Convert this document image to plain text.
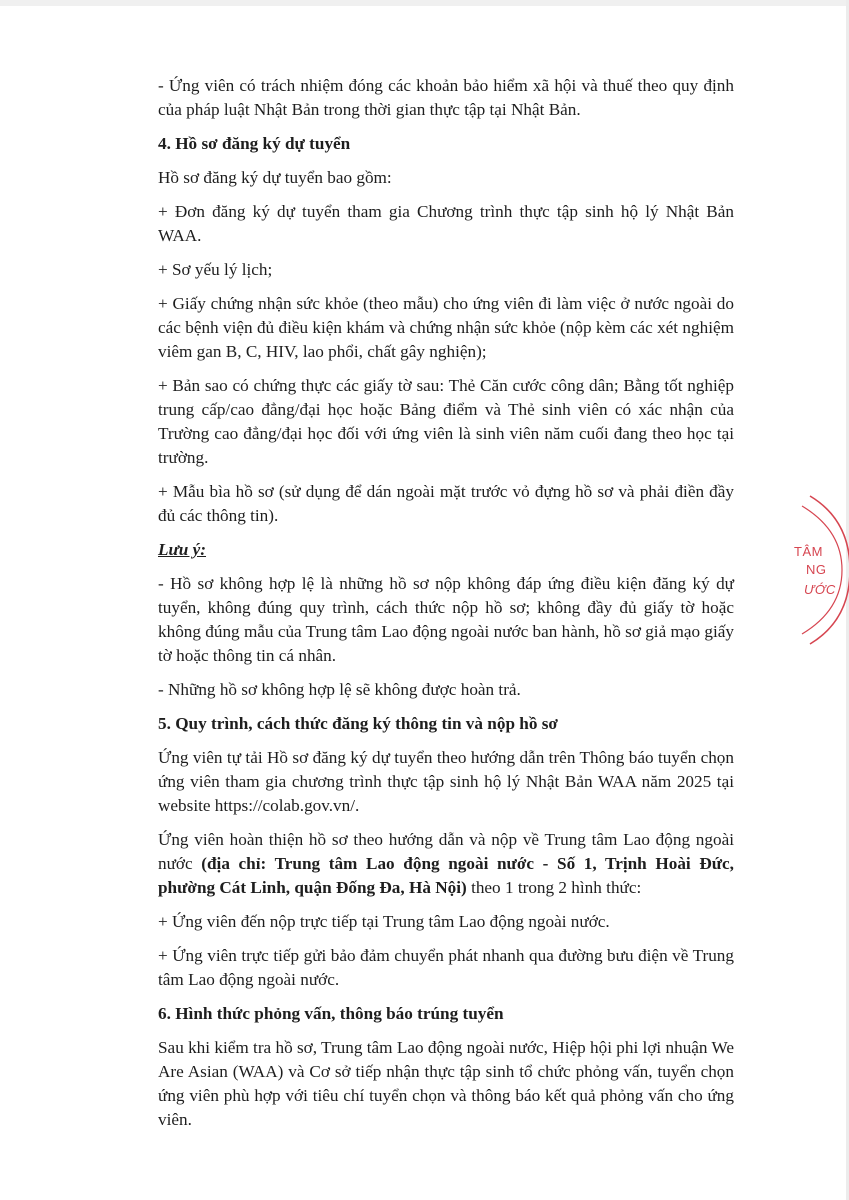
- Ứng viên có trách nhiệm đóng các khoản bảo hiểm xã hội và thuế theo quy định của pháp luật Nhật Bản trong thời gian thực tập tại Nhật Bản.

4. Hồ sơ đăng ký dự tuyển

Hồ sơ đăng ký dự tuyển bao gồm:

+ Đơn đăng ký dự tuyển tham gia Chương trình thực tập sinh hộ lý Nhật Bản WAA.

+ Sơ yếu lý lịch;

+ Giấy chứng nhận sức khỏe (theo mẫu) cho ứng viên đi làm việc ở nước ngoài do các bệnh viện đủ điều kiện khám và chứng nhận sức khỏe (nộp kèm các xét nghiệm viêm gan B, C, HIV, lao phổi, chất gây nghiện);

+ Bản sao có chứng thực các giấy tờ sau: Thẻ Căn cước công dân; Bằng tốt nghiệp trung cấp/cao đẳng/đại học hoặc Bảng điểm và Thẻ sinh viên có xác nhận của Trường cao đẳng/đại học đối với ứng viên là sinh viên năm cuối đang theo học tại trường.

+ Mẫu bìa hồ sơ (sử dụng để dán ngoài mặt trước vỏ đựng hồ sơ và phải điền đầy đủ các thông tin).

Lưu ý:

- Hồ sơ không hợp lệ là những hồ sơ nộp không đáp ứng điều kiện đăng ký dự tuyển, không đúng quy trình, cách thức nộp hồ sơ; không đầy đủ giấy tờ hoặc không đúng mẫu của Trung tâm Lao động ngoài nước ban hành, hồ sơ giả mạo giấy tờ hoặc thông tin cá nhân.

- Những hồ sơ không hợp lệ sẽ không được hoàn trả.

5. Quy trình, cách thức đăng ký thông tin và nộp hồ sơ

Ứng viên tự tải Hồ sơ đăng ký dự tuyển theo hướng dẫn trên Thông báo tuyển chọn ứng viên tham gia chương trình thực tập sinh hộ lý Nhật Bản WAA năm 2025 tại website https://colab.gov.vn/.

Ứng viên hoàn thiện hồ sơ theo hướng dẫn và nộp về Trung tâm Lao động ngoài nước (địa chỉ: Trung tâm Lao động ngoài nước - Số 1, Trịnh Hoài Đức, phường Cát Linh, quận Đống Đa, Hà Nội) theo 1 trong 2 hình thức:

+ Ứng viên đến nộp trực tiếp tại Trung tâm Lao động ngoài nước.

+ Ứng viên trực tiếp gửi bảo đảm chuyển phát nhanh qua đường bưu điện về Trung tâm Lao động ngoài nước.

6. Hình thức phỏng vấn, thông báo trúng tuyển

Sau khi kiểm tra hồ sơ, Trung tâm Lao động ngoài nước, Hiệp hội phi lợi nhuận We Are Asian (WAA) và Cơ sở tiếp nhận thực tập sinh tổ chức phỏng vấn, tuyển chọn ứng viên phù hợp với tiêu chí tuyển chọn và thông báo kết quả phỏng vấn cho ứng viên.

TÂM
NG
ƯỚC
